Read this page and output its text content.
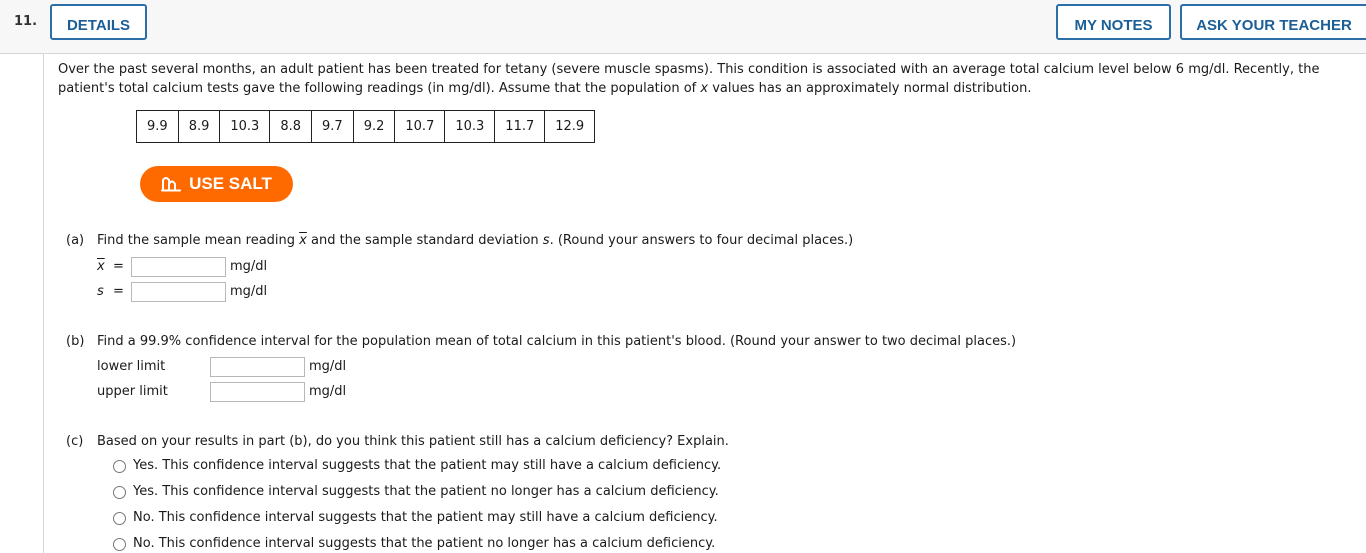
11.	DETAILS	MY NOTES	ASK YOUR TEACHER
Over the past several months, an adult patient has been treated for tetany (severe muscle spasms). This condition is associated with an average total calcium level below 6 mg/dl. Recently, the
patient's total calcium tests gave the following readings (in mg/dl). Assume that the population of x values has an approximately normal distribution.
9.9	8.9	10.3	8.8	9.7	9.2	10.7	10.3	11.7	12.9
USE SALT
(a) Find the sample mean reading $\overline{x}$ and the sample standard deviation s. (Round your answers to four decimal places.)
$\overline{x}$ =	mg/dl
s =	mg/dl
(b) Find a 99.9% confidence interval for the population mean of total calcium in this patient's blood. (Round your answer to two decimal places.)
lower limit	mg/dl
upper limit	mg/dl
(c) Based on your results in part (b), do you think this patient still has a calcium deficiency? Explain.
Yes. This confidence interval suggests that the patient may still have a calcium deficiency.
Yes. This confidence interval suggests that the patient no longer has a calcium deficiency.
No. This confidence interval suggests that the patient may still have a calcium deficiency.
No. This confidence interval suggests that the patient no longer has a calcium deficiency.
